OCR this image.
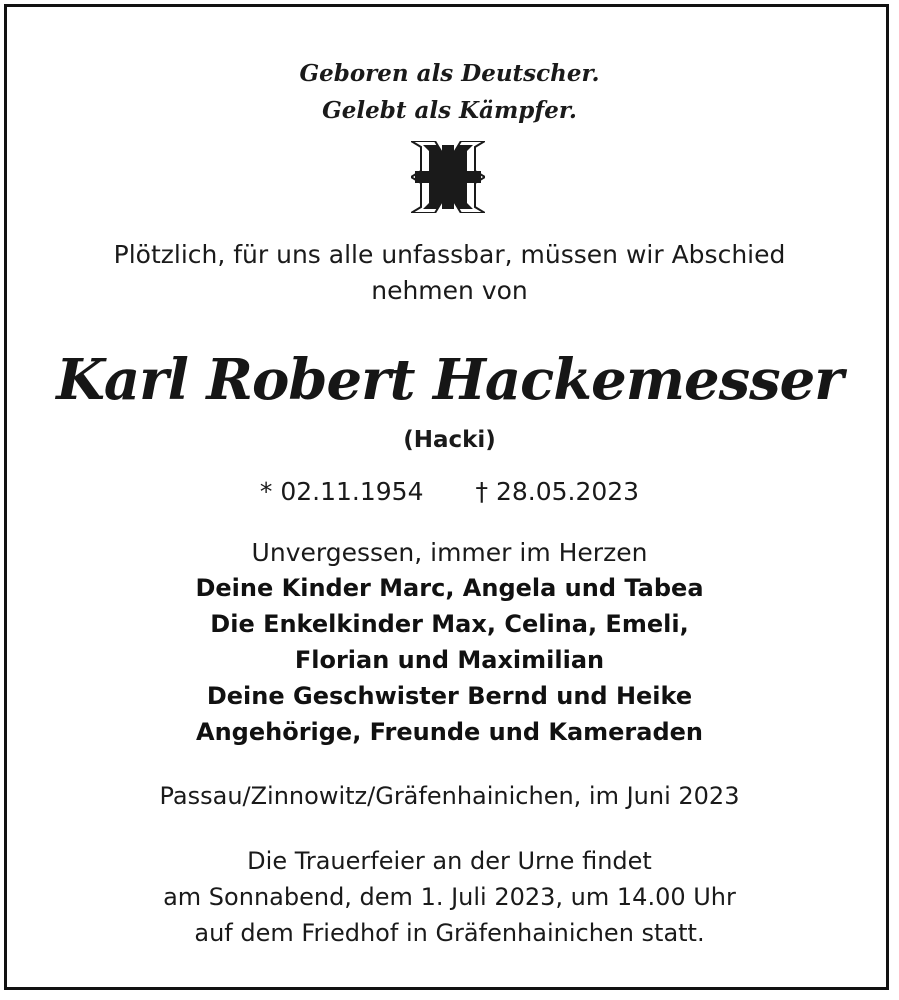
Geboren als Deutscher.
Gelebt als Kämpfer.
Plötzlich, für uns alle unfassbar, müssen wir Abschied
nehmen von
Karl Robert Hackemesser
(Hacki)
* 02.11.1954 † 28.05.2023
Unvergessen, immer im Herzen
Deine Kinder Marc, Angela und Tabea
Die Enkelkinder Max, Celina, Emeli,
Florian und Maximilian
Deine Geschwister Bernd und Heike
Angehörige, Freunde und Kameraden
Passau/Zinnowitz/Gräfenhainichen, im Juni 2023
Die Trauerfeier an der Urne findet
am Sonnabend, dem 1. Juli 2023, um 14.00 Uhr
auf dem Friedhof in Gräfenhainichen statt.
